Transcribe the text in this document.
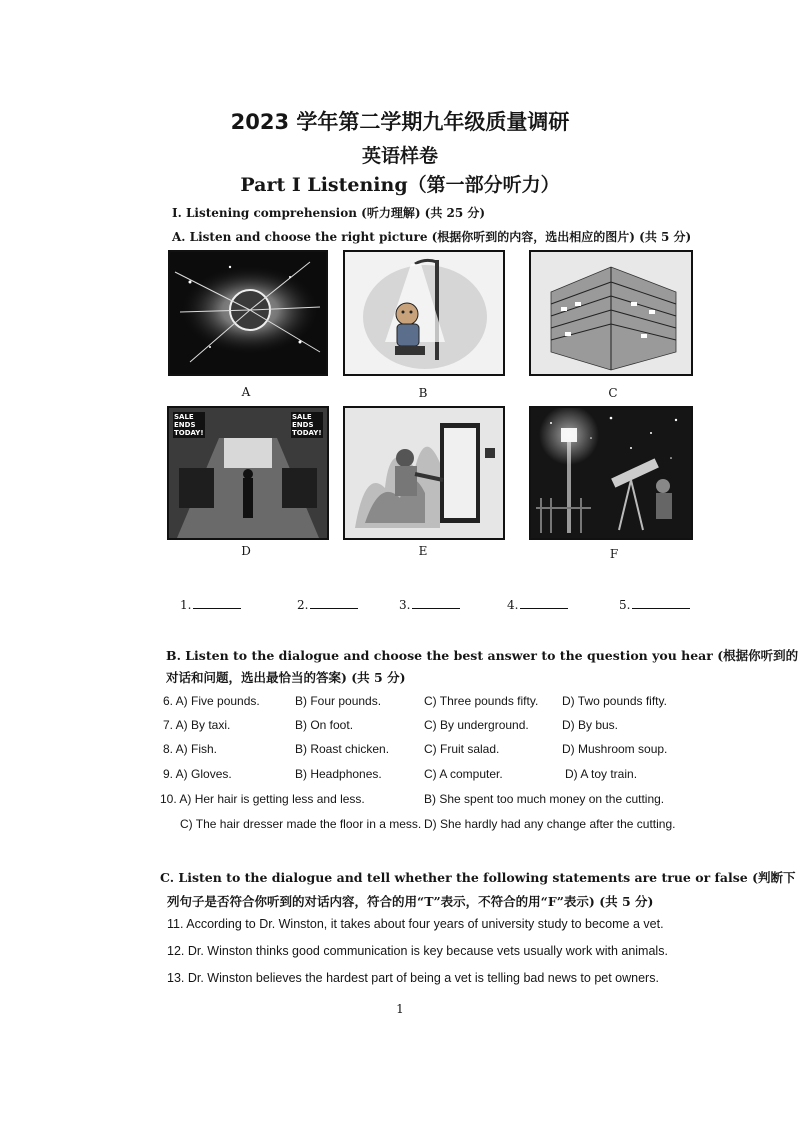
2023 学年第二学期九年级质量调研
英语样卷
Part I Listening（第一部分听力）
I. Listening comprehension (听力理解) (共 25 分)
A. Listen and choose the right picture (根据你听到的内容，选出相应的图片) (共 5 分)
A	B	C
SALE
ENDS
TODAY!
SALE
ENDS
TODAY!
D	E	F
1.	2.	3.	4.	5.
B. Listen to the dialogue and choose the best answer to the question you hear (根据你听到的
对话和问题，选出最恰当的答案) (共 5 分)
6. A) Five pounds.	B) Four pounds.	C) Three pounds fifty. D) Two pounds fifty.
7. A) By taxi.	B) On foot.	C) By underground.	D) By bus.
8. A) Fish.	B) Roast chicken.	C) Fruit salad.	D) Mushroom soup.
9. A) Gloves.	B) Headphones.	C) A computer.	D) A toy train.
10. A) Her hair is getting less and less.	B) She spent too much money on the cutting.
C) The hair dresser made the floor in a mess. D) She hardly had any change after the cutting.
C. Listen to the dialogue and tell whether the following statements are true or false (判断下
列句子是否符合你听到的对话内容，符合的用“T”表示，不符合的用“F”表示) (共 5 分)
11. According to Dr. Winston, it takes about four years of university study to become a vet.
12. Dr. Winston thinks good communication is key because vets usually work with animals.
13. Dr. Winston believes the hardest part of being a vet is telling bad news to pet owners.
1
